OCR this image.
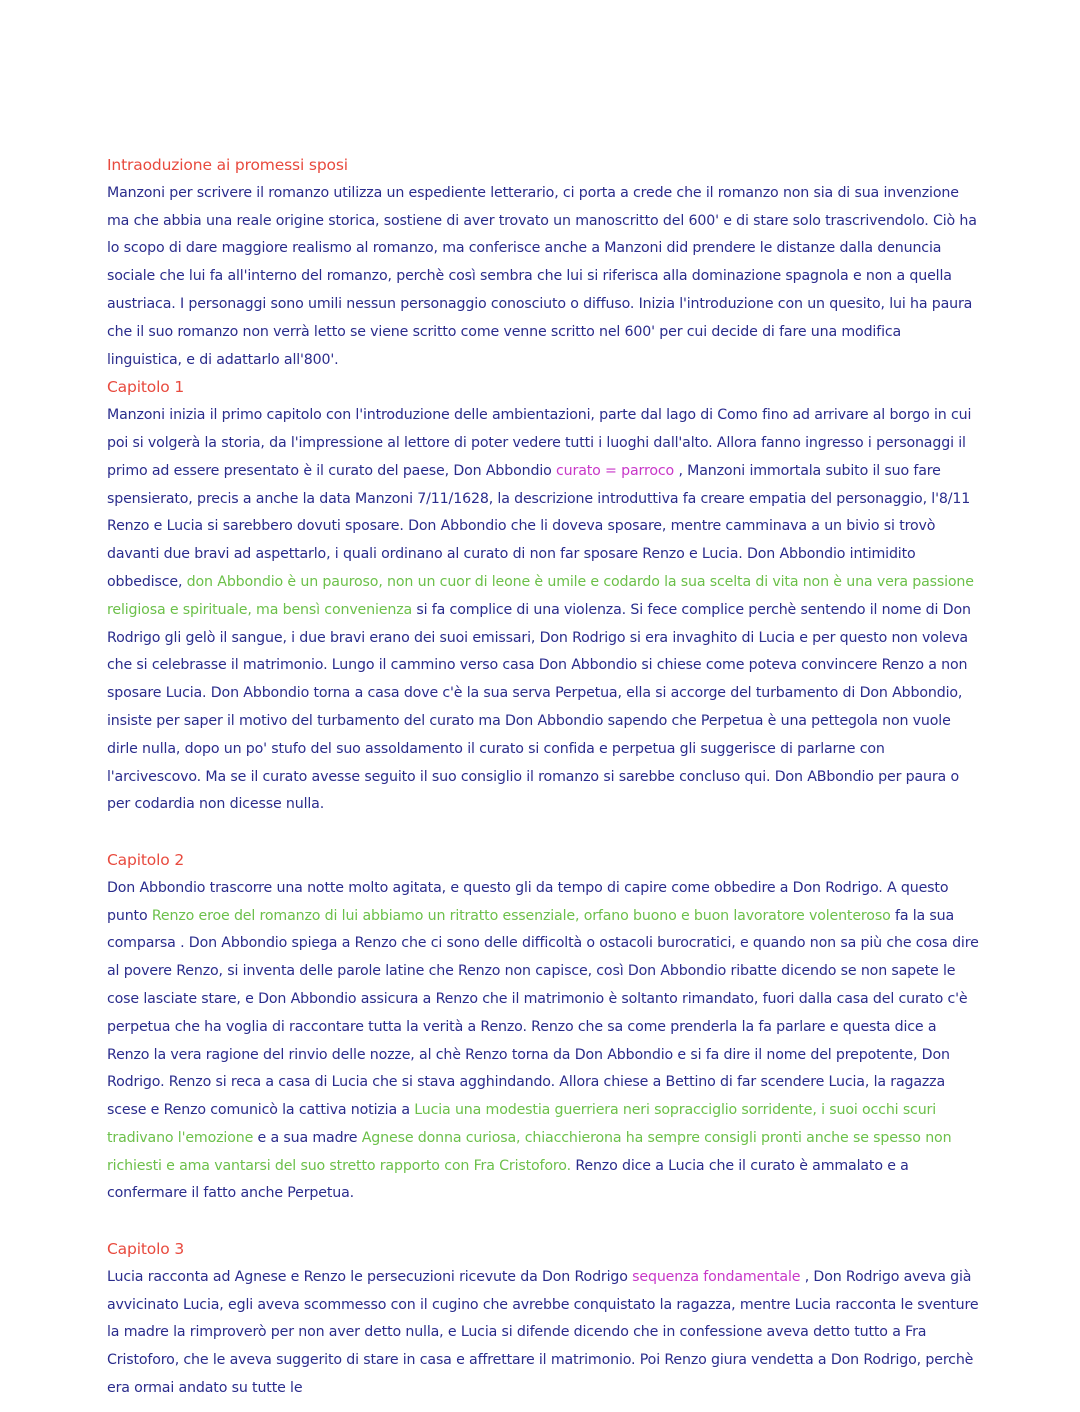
Intraoduzione ai promessi sposi

Manzoni per scrivere il romanzo utilizza un espediente letterario, ci porta a crede che il romanzo non sia di sua invenzione ma che abbia una reale origine storica, sostiene di aver trovato un manoscritto del 600' e di stare solo trascrivendolo. Ciò ha lo scopo di dare maggiore realismo al romanzo, ma conferisce anche a Manzoni did prendere le distanze dalla denuncia sociale che lui fa all'interno del romanzo, perchè così sembra che lui si riferisca alla dominazione spagnola e non a quella austriaca. I personaggi sono umili nessun personaggio conosciuto o diffuso. Inizia l'introduzione con un quesito, lui ha paura che il suo romanzo non verrà letto se viene scritto come venne scritto nel 600' per cui decide di fare una modifica linguistica, e di adattarlo all'800'.

Capitolo 1

Manzoni inizia il primo capitolo con l'introduzione delle ambientazioni, parte dal lago di Como fino ad arrivare al borgo in cui poi si volgerà la storia, da l'impressione al lettore di poter vedere tutti i luoghi dall'alto. Allora fanno ingresso i personaggi il primo ad essere presentato è il curato del paese, Don Abbondio curato = parroco , Manzoni immortala subito il suo fare spensierato, precis a anche la data Manzoni 7/11/1628, la descrizione introduttiva fa creare empatia del personaggio, l'8/11 Renzo e Lucia si sarebbero dovuti sposare. Don Abbondio che li doveva sposare, mentre camminava a un bivio si trovò davanti due bravi ad aspettarlo, i quali ordinano al curato di non far sposare Renzo e Lucia. Don Abbondio intimidito obbedisce, don Abbondio è un pauroso, non un cuor di leone è umile e codardo la sua scelta di vita non è una vera passione religiosa e spirituale, ma bensì convenienza si fa complice di una violenza. Si fece complice perchè sentendo il nome di Don Rodrigo gli gelò il sangue, i due bravi erano dei suoi emissari, Don Rodrigo si era invaghito di Lucia e per questo non voleva che si celebrasse il matrimonio. Lungo il cammino verso casa Don Abbondio si chiese come poteva convincere Renzo a non sposare Lucia. Don Abbondio torna a casa dove c'è la sua serva Perpetua, ella si accorge del turbamento di Don Abbondio, insiste per saper il motivo del turbamento del curato ma Don Abbondio sapendo che Perpetua è una pettegola non vuole dirle nulla, dopo un po' stufo del suo assoldamento il curato si confida e perpetua gli suggerisce di parlarne con l'arcivescovo. Ma se il curato avesse seguito il suo consiglio il romanzo si sarebbe concluso qui. Don ABbondio per paura o per codardia non dicesse nulla.

Capitolo 2

Don Abbondio trascorre una notte molto agitata, e questo gli da tempo di capire come obbedire a Don Rodrigo. A questo punto Renzo eroe del romanzo di lui abbiamo un ritratto essenziale, orfano buono e buon lavoratore volenteroso fa la sua comparsa . Don Abbondio spiega a Renzo che ci sono delle difficoltà o ostacoli burocratici, e quando non sa più che cosa dire al povere Renzo, si inventa delle parole latine che Renzo non capisce, così Don Abbondio ribatte dicendo se non sapete le cose lasciate stare, e Don Abbondio assicura a Renzo che il matrimonio è soltanto rimandato, fuori dalla casa del curato c'è perpetua che ha voglia di raccontare tutta la verità a Renzo. Renzo che sa come prenderla la fa parlare e questa dice a Renzo la vera ragione del rinvio delle nozze, al chè Renzo torna da Don Abbondio e si fa dire il nome del prepotente, Don Rodrigo. Renzo si reca a casa di Lucia che si stava agghindando. Allora chiese a Bettino di far scendere Lucia, la ragazza scese e Renzo comunicò la cattiva notizia a Lucia una modestia guerriera neri sopracciglio sorridente, i suoi occhi scuri tradivano l'emozione e a sua madre Agnese donna curiosa, chiacchierona ha sempre consigli pronti anche se spesso non richiesti e ama vantarsi del suo stretto rapporto con Fra Cristoforo. Renzo dice a Lucia che il curato è ammalato e a confermare il fatto anche Perpetua.

Capitolo 3

Lucia racconta ad Agnese e Renzo le persecuzioni ricevute da Don Rodrigo sequenza fondamentale , Don Rodrigo aveva già avvicinato Lucia, egli aveva scommesso con il cugino che avrebbe conquistato la ragazza, mentre Lucia racconta le sventure la madre la rimproverò per non aver detto nulla, e Lucia si difende dicendo che in confessione aveva detto tutto a Fra Cristoforo, che le aveva suggerito di stare in casa e affrettare il matrimonio. Poi Renzo giura vendetta a Don Rodrigo, perchè era ormai andato su tutte le
